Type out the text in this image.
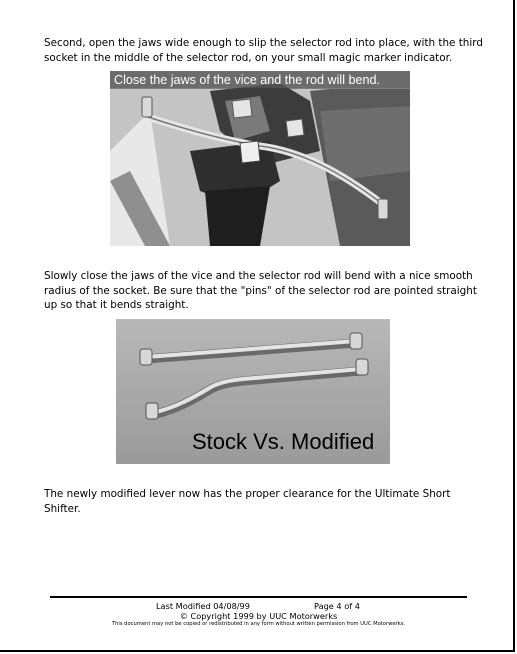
Second, open the jaws wide enough to slip the selector rod into place, with the third socket in the middle of the selector rod, on your small magic marker indicator.

Close the jaws of the vice and the rod will bend.

Slowly close the jaws of the vice and the selector rod will bend with a nice smooth radius of the socket. Be sure that the "pins" of the selector rod are pointed straight up so that it bends straight.

Stock Vs. Modified

The newly modified lever now has the proper clearance for the Ultimate Short Shifter.

Last Modified 04/08/99	Page 4 of 4
© Copyright 1999 by UUC Motorwerks
This document may not be copied or redistributed in any form without written permission from UUC Motorwerks.
